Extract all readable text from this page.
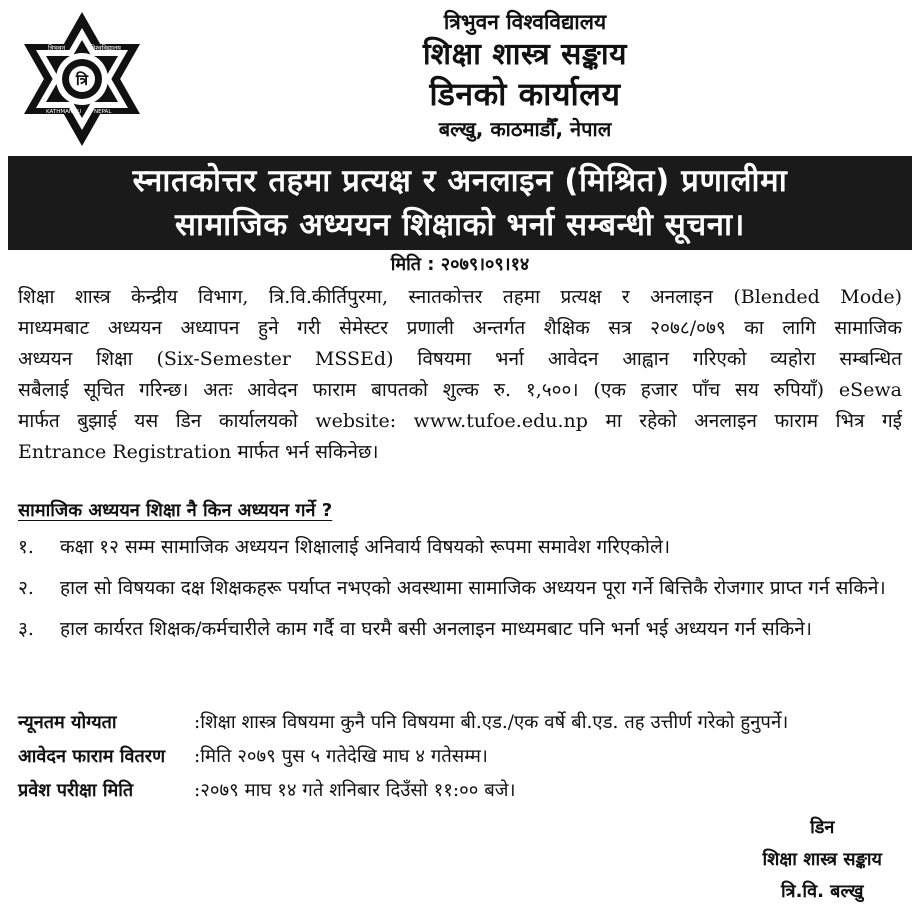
त्रि
त्रिभुवन	विश्वविद्यालय
KATHMANDU NEPAL
त्रिभुवन विश्वविद्यालय
शिक्षा शास्त्र सङ्काय
डिनको कार्यालय
बल्खु, काठमाडौँ, नेपाल
स्नातकोत्तर तहमा प्रत्यक्ष र अनलाइन (मिश्रित) प्रणालीमा
सामाजिक अध्ययन शिक्षाको भर्ना सम्बन्धी सूचना।
मिति : २०७९।०९।१४
शिक्षा शास्त्र केन्द्रीय विभाग, त्रि.वि.कीर्तिपुरमा, स्नातकोत्तर तहमा प्रत्यक्ष र अनलाइन (Blended Mode)
माध्यमबाट अध्ययन अध्यापन हुने गरी सेमेस्टर प्रणाली अन्तर्गत शैक्षिक सत्र २०७८/०७९ का लागि सामाजिक
अध्ययन शिक्षा (Six-Semester MSSEd) विषयमा भर्ना आवेदन आह्वान गरिएको व्यहोरा सम्बन्धित
सबैलाई सूचित गरिन्छ। अतः आवेदन फाराम बापतको शुल्क रु. १,५००। (एक हजार पाँच सय रुपियाँ) eSewa
मार्फत बुझाई यस डिन कार्यालयको website: www.tufoe.edu.np मा रहेको अनलाइन फाराम भित्र गई
Entrance Registration मार्फत भर्न सकिनेछ।
सामाजिक अध्ययन शिक्षा नै किन अध्ययन गर्ने ?
१. कक्षा १२ सम्म सामाजिक अध्ययन शिक्षालाई अनिवार्य विषयको रूपमा समावेश गरिएकोले।
२. हाल सो विषयका दक्ष शिक्षकहरू पर्याप्त नभएको अवस्थामा सामाजिक अध्ययन पूरा गर्ने बित्तिकै रोजगार प्राप्त गर्न सकिने।
३. हाल कार्यरत शिक्षक/कर्मचारीले काम गर्दै वा घरमै बसी अनलाइन माध्यमबाट पनि भर्ना भई अध्ययन गर्न सकिने।
न्यूनतम योग्यता	:शिक्षा शास्त्र विषयमा कुनै पनि विषयमा बी.एड./एक वर्षे बी.एड. तह उत्तीर्ण गरेको हुनुपर्ने।
आवेदन फाराम वितरण	:मिति २०७९ पुस ५ गतेदेखि माघ ४ गतेसम्म।
प्रवेश परीक्षा मिति	:२०७९ माघ १४ गते शनिबार दिउँसो ११:०० बजे।
डिन
शिक्षा शास्त्र सङ्काय
त्रि.वि. बल्खु
